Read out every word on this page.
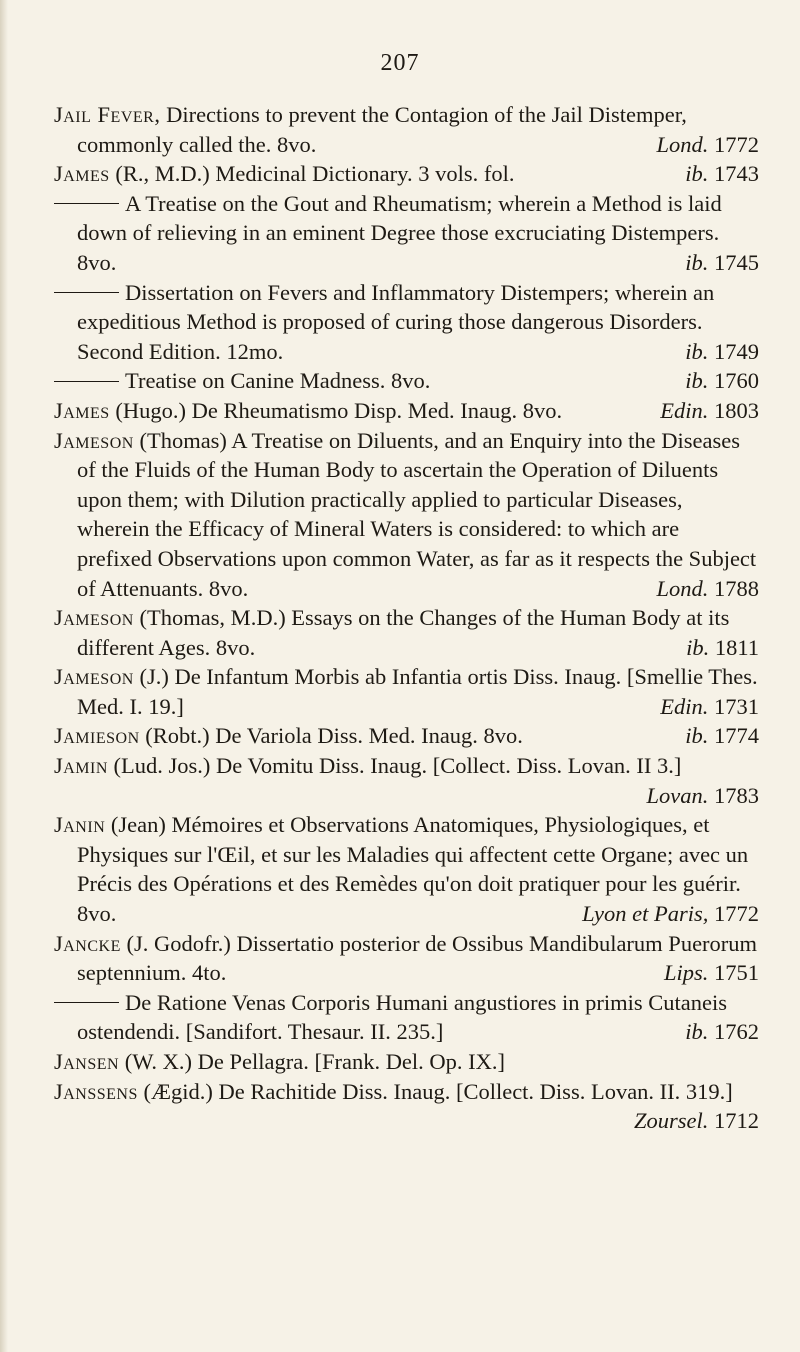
207

Jail Fever, Directions to prevent the Contagion of the Jail Distemper, commonly called the. 8vo.	Lond. 1772

James (R., M.D.) Medicinal Dictionary. 3 vols. fol.	ib. 1743

A Treatise on the Gout and Rheumatism; wherein a Method is laid down of relieving in an eminent Degree those excruciating Distempers. 8vo.	ib. 1745

Dissertation on Fevers and Inflammatory Distempers; wherein an expeditious Method is proposed of curing those dangerous Disorders. Second Edition. 12mo.	ib. 1749

Treatise on Canine Madness. 8vo.	ib. 1760

James (Hugo.) De Rheumatismo Disp. Med. Inaug. 8vo.	Edin. 1803

Jameson (Thomas) A Treatise on Diluents, and an Enquiry into the Diseases of the Fluids of the Human Body to ascertain the Operation of Diluents upon them; with Dilution practically applied to particular Diseases, wherein the Efficacy of Mineral Waters is considered: to which are prefixed Observations upon common Water, as far as it respects the Subject of Attenuants. 8vo.	Lond. 1788

Jameson (Thomas, M.D.) Essays on the Changes of the Human Body at its different Ages. 8vo.	ib. 1811

Jameson (J.) De Infantum Morbis ab Infantia ortis Diss. Inaug. [Smellie Thes. Med. I. 19.]	Edin. 1731

Jamieson (Robt.) De Variola Diss. Med. Inaug. 8vo.	ib. 1774

Jamin (Lud. Jos.) De Vomitu Diss. Inaug. [Collect. Diss. Lovan. II 3.]
Lovan. 1783

Janin (Jean) Mémoires et Observations Anatomiques, Physiologiques, et Physiques sur l'Œil, et sur les Maladies qui affectent cette Organe; avec un Précis des Opérations et des Remèdes qu'on doit pratiquer pour les guérir. 8vo.	Lyon et Paris, 1772

Jancke (J. Godofr.) Dissertatio posterior de Ossibus Mandibularum Puerorum septennium. 4to.	Lips. 1751

De Ratione Venas Corporis Humani angustiores in primis Cutaneis ostendendi. [Sandifort. Thesaur. II. 235.]	ib. 1762

Jansen (W. X.) De Pellagra. [Frank. Del. Op. IX.]

Janssens (Ægid.) De Rachitide Diss. Inaug. [Collect. Diss. Lovan. II. 319.]
Zoursel. 1712
